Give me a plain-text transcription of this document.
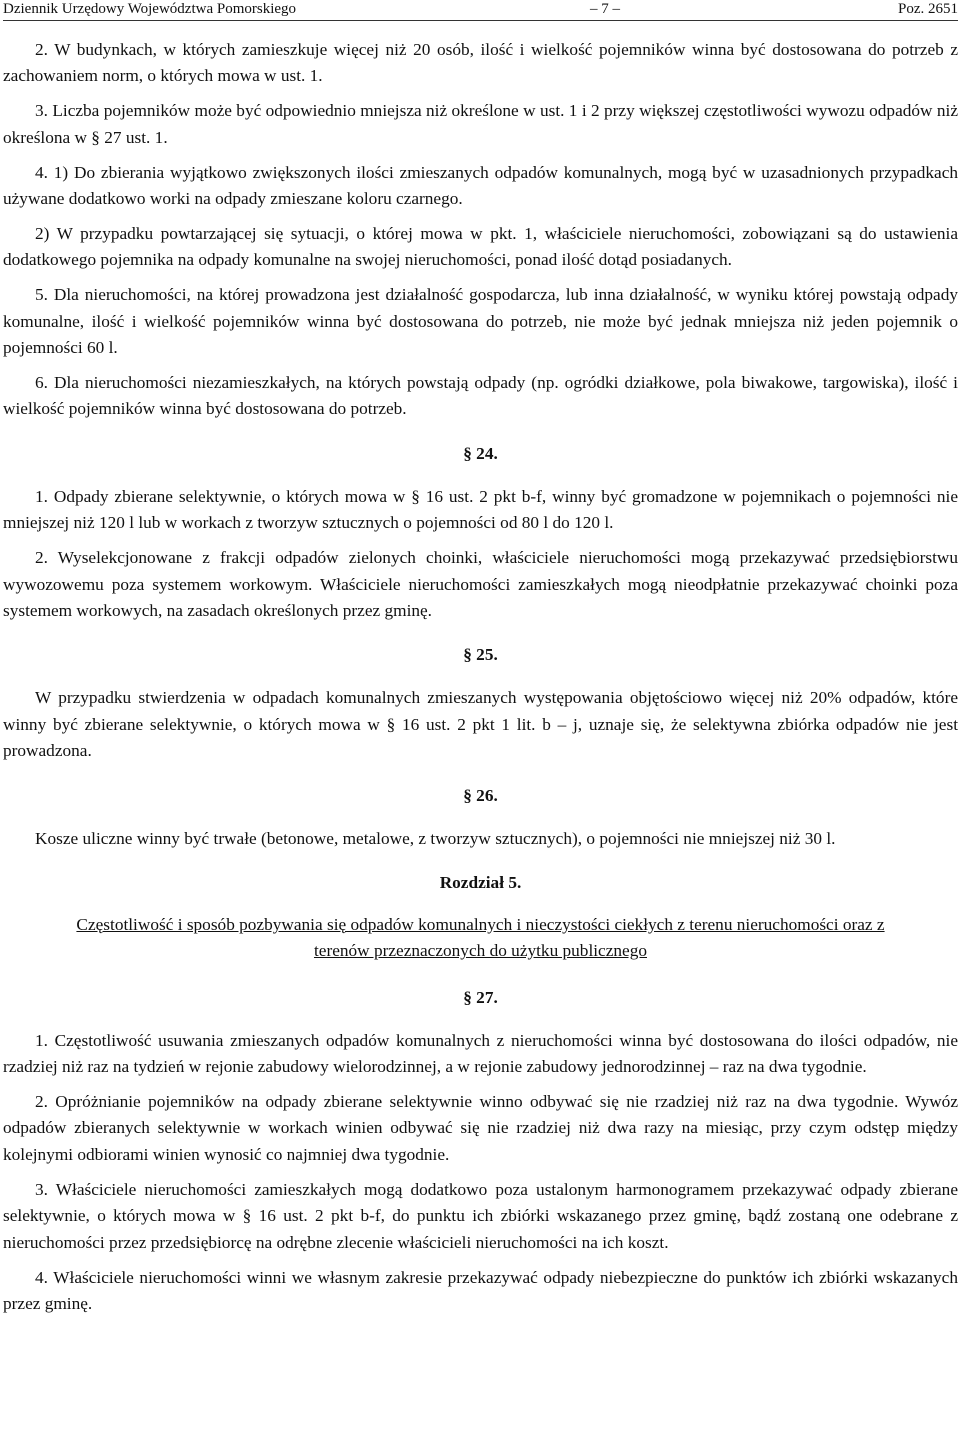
Dziennik Urzędowy Województwa Pomorskiego	– 7 –	Poz. 2651

2. W budynkach, w których zamieszkuje więcej niż 20 osób, ilość i wielkość pojemników winna być dostosowana do potrzeb z zachowaniem norm, o których mowa w ust. 1.

3. Liczba pojemników może być odpowiednio mniejsza niż określone w ust. 1 i 2 przy większej częstotliwości wywozu odpadów niż określona w § 27 ust. 1.

4. 1) Do zbierania wyjątkowo zwiększonych ilości zmieszanych odpadów komunalnych, mogą być w uzasadnionych przypadkach używane dodatkowo worki na odpady zmieszane koloru czarnego.

2) W przypadku powtarzającej się sytuacji, o której mowa w pkt. 1, właściciele nieruchomości, zobowiązani są do ustawienia dodatkowego pojemnika na odpady komunalne na swojej nieruchomości, ponad ilość dotąd posiadanych.

5. Dla nieruchomości, na której prowadzona jest działalność gospodarcza, lub inna działalność, w wyniku której powstają odpady komunalne, ilość i wielkość pojemników winna być dostosowana do potrzeb, nie może być jednak mniejsza niż jeden pojemnik o pojemności 60 l.

6. Dla nieruchomości niezamieszkałych, na których powstają odpady (np. ogródki działkowe, pola biwakowe, targowiska), ilość i wielkość pojemników winna być dostosowana do potrzeb.

§ 24.

1. Odpady zbierane selektywnie, o których mowa w § 16 ust. 2 pkt b-f, winny być gromadzone w pojemnikach o pojemności nie mniejszej niż 120 l lub w workach z tworzyw sztucznych o pojemności od 80 l do 120 l.

2. Wyselekcjonowane z frakcji odpadów zielonych choinki, właściciele nieruchomości mogą przekazywać przedsiębiorstwu wywozowemu poza systemem workowym. Właściciele nieruchomości zamieszkałych mogą nieodpłatnie przekazywać choinki poza systemem workowych, na zasadach określonych przez gminę.

§ 25.

W przypadku stwierdzenia w odpadach komunalnych zmieszanych występowania objętościowo więcej niż 20% odpadów, które winny być zbierane selektywnie, o których mowa w § 16 ust. 2 pkt 1 lit. b – j, uznaje się, że selektywna zbiórka odpadów nie jest prowadzona.

§ 26.

Kosze uliczne winny być trwałe (betonowe, metalowe, z tworzyw sztucznych), o pojemności nie mniejszej niż 30 l.

Rozdział 5.
Częstotliwość i sposób pozbywania się odpadów komunalnych i nieczystości ciekłych z terenu nieruchomości oraz z terenów przeznaczonych do użytku publicznego
§ 27.

1. Częstotliwość usuwania zmieszanych odpadów komunalnych z nieruchomości winna być dostosowana do ilości odpadów, nie rzadziej niż raz na tydzień w rejonie zabudowy wielorodzinnej, a w rejonie zabudowy jednorodzinnej – raz na dwa tygodnie.

2. Opróżnianie pojemników na odpady zbierane selektywnie winno odbywać się nie rzadziej niż raz na dwa tygodnie. Wywóz odpadów zbieranych selektywnie w workach winien odbywać się nie rzadziej niż dwa razy na miesiąc, przy czym odstęp między kolejnymi odbiorami winien wynosić co najmniej dwa tygodnie.

3. Właściciele nieruchomości zamieszkałych mogą dodatkowo poza ustalonym harmonogramem przekazywać odpady zbierane selektywnie, o których mowa w § 16 ust. 2 pkt b-f, do punktu ich zbiórki wskazanego przez gminę, bądź zostaną one odebrane z nieruchomości przez przedsiębiorcę na odrębne zlecenie właścicieli nieruchomości na ich koszt.

4. Właściciele nieruchomości winni we własnym zakresie przekazywać odpady niebezpieczne do punktów ich zbiórki wskazanych przez gminę.
